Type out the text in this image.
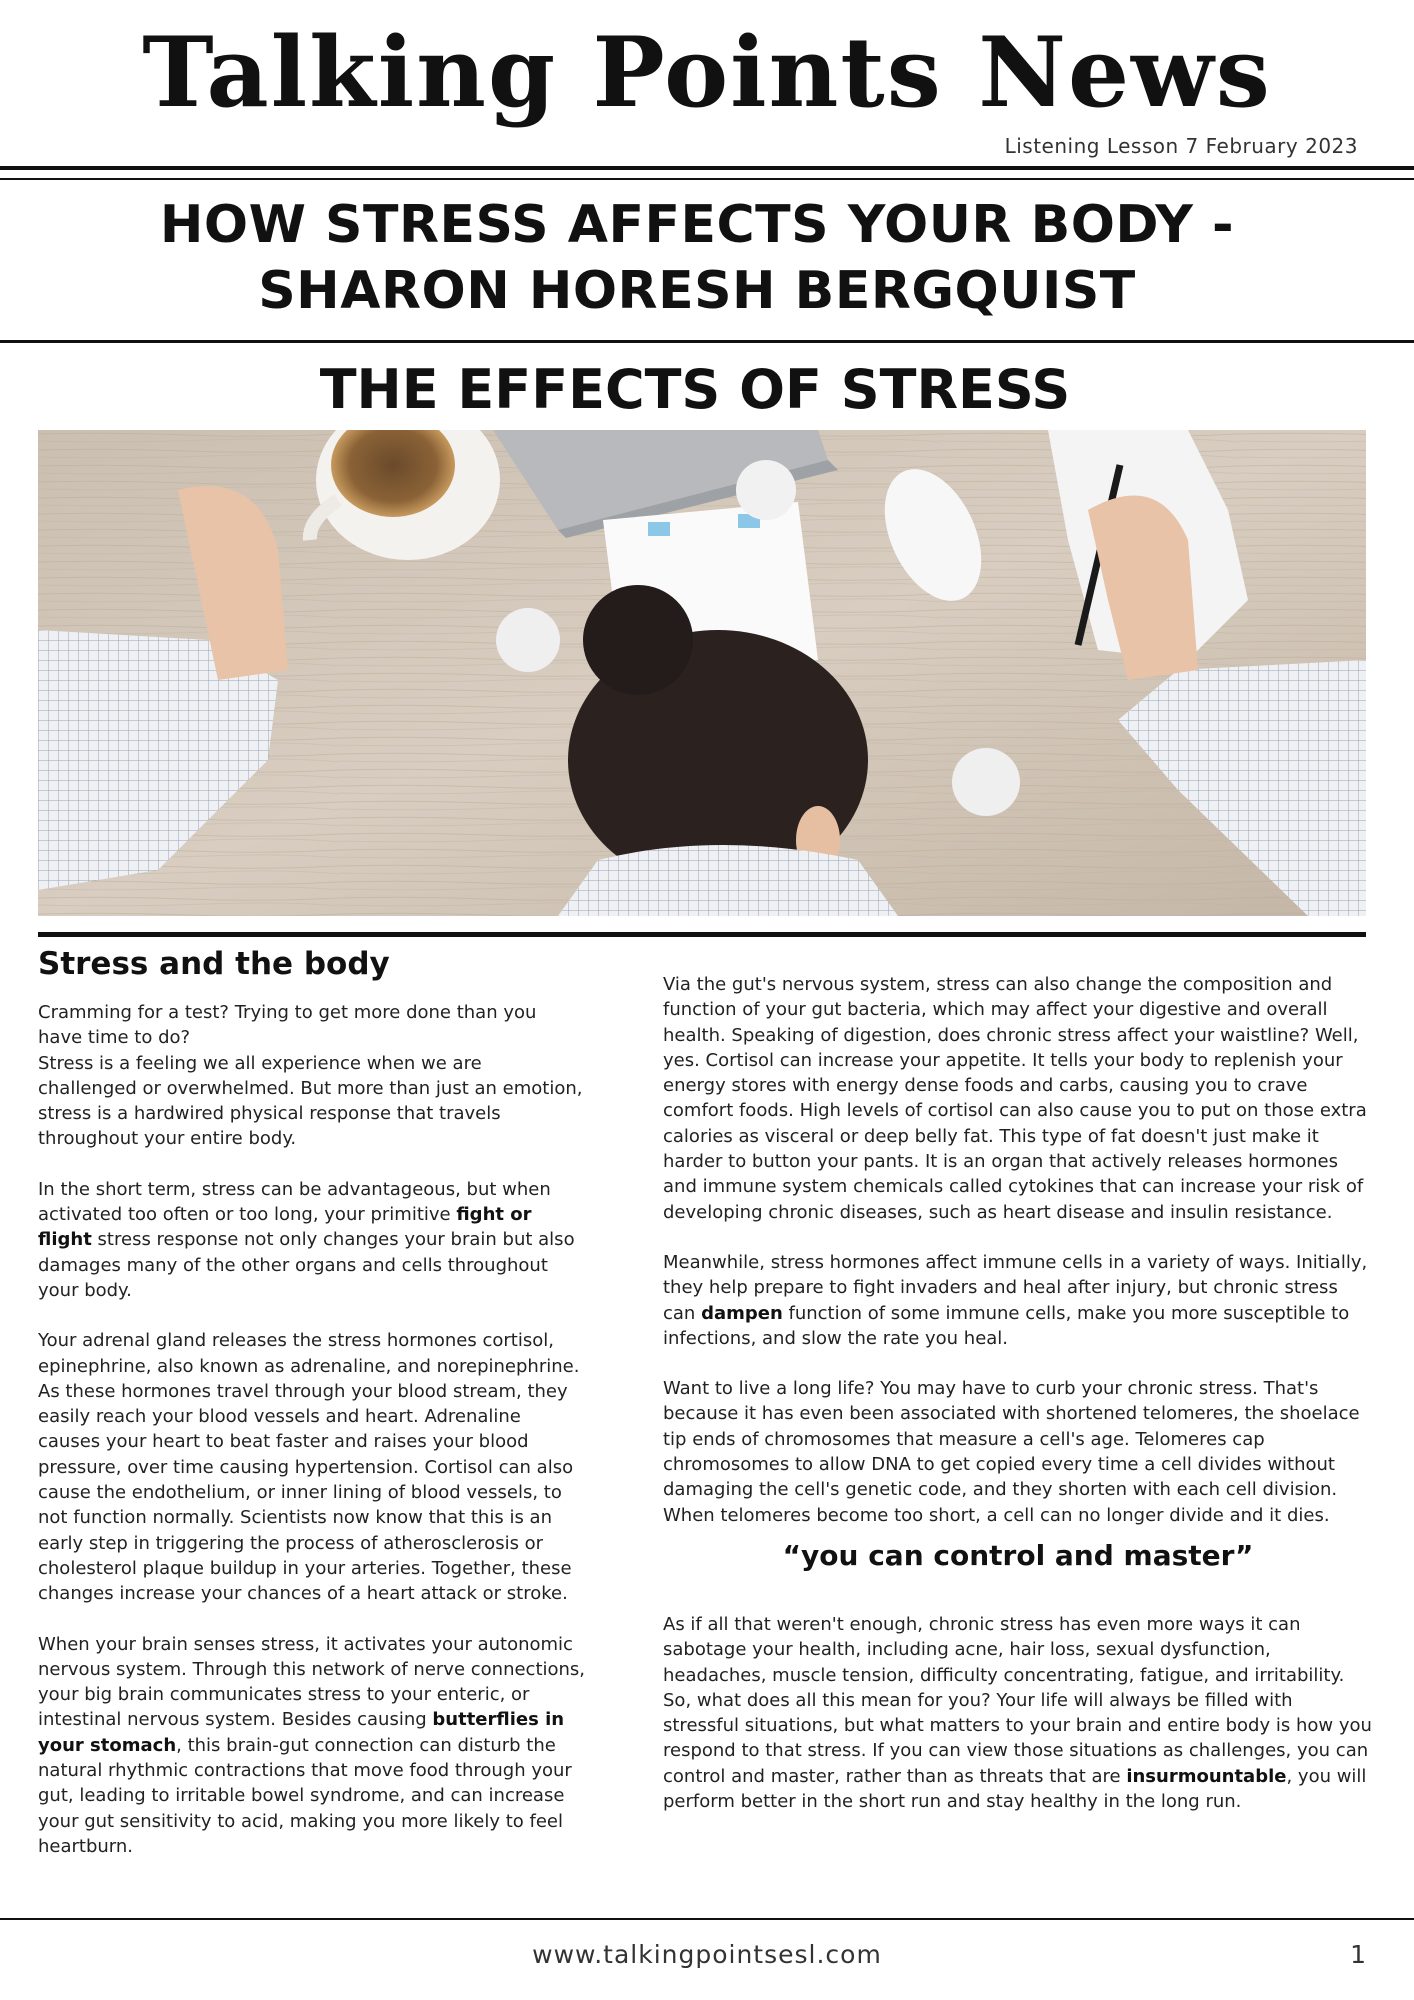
Talking Points News
Listening Lesson 7 February 2023
HOW STRESS AFFECTS YOUR BODY - SHARON HORESH BERGQUIST
THE EFFECTS OF STRESS
Stress and the body

Cramming for a test? Trying to get more done than you have time to do?
Stress is a feeling we all experience when we are challenged or overwhelmed. But more than just an emotion, stress is a hardwired physical response that travels throughout your entire body.

In the short term, stress can be advantageous, but when activated too often or too long, your primitive fight or flight stress response not only changes your brain but also damages many of the other organs and cells throughout your body.

Your adrenal gland releases the stress hormones cortisol, epinephrine, also known as adrenaline, and norepinephrine. As these hormones travel through your blood stream, they easily reach your blood vessels and heart. Adrenaline causes your heart to beat faster and raises your blood pressure, over time causing hypertension. Cortisol can also cause the endothelium, or inner lining of blood vessels, to not function normally. Scientists now know that this is an early step in triggering the process of atherosclerosis or cholesterol plaque buildup in your arteries. Together, these changes increase your chances of a heart attack or stroke.

When your brain senses stress, it activates your autonomic nervous system. Through this network of nerve connections, your big brain communicates stress to your enteric, or intestinal nervous system. Besides causing butterflies in your stomach, this brain-gut connection can disturb the natural rhythmic contractions that move food through your gut, leading to irritable bowel syndrome, and can increase your gut sensitivity to acid, making you more likely to feel heartburn.

Via the gut's nervous system, stress can also change the composition and function of your gut bacteria, which may affect your digestive and overall health. Speaking of digestion, does chronic stress affect your waistline? Well, yes. Cortisol can increase your appetite. It tells your body to replenish your energy stores with energy dense foods and carbs, causing you to crave comfort foods. High levels of cortisol can also cause you to put on those extra calories as visceral or deep belly fat. This type of fat doesn't just make it harder to button your pants. It is an organ that actively releases hormones and immune system chemicals called cytokines that can increase your risk of developing chronic diseases, such as heart disease and insulin resistance.

Meanwhile, stress hormones affect immune cells in a variety of ways. Initially, they help prepare to fight invaders and heal after injury, but chronic stress can dampen function of some immune cells, make you more susceptible to infections, and slow the rate you heal.

Want to live a long life? You may have to curb your chronic stress. That's because it has even been associated with shortened telomeres, the shoelace tip ends of chromosomes that measure a cell's age. Telomeres cap chromosomes to allow DNA to get copied every time a cell divides without damaging the cell's genetic code, and they shorten with each cell division. When telomeres become too short, a cell can no longer divide and it dies.

“you can control and master”

As if all that weren't enough, chronic stress has even more ways it can sabotage your health, including acne, hair loss, sexual dysfunction, headaches, muscle tension, difficulty concentrating, fatigue, and irritability. So, what does all this mean for you? Your life will always be filled with stressful situations, but what matters to your brain and entire body is how you respond to that stress. If you can view those situations as challenges, you can control and master, rather than as threats that are insurmountable, you will perform better in the short run and stay healthy in the long run.

www.talkingpointsesl.com	1
